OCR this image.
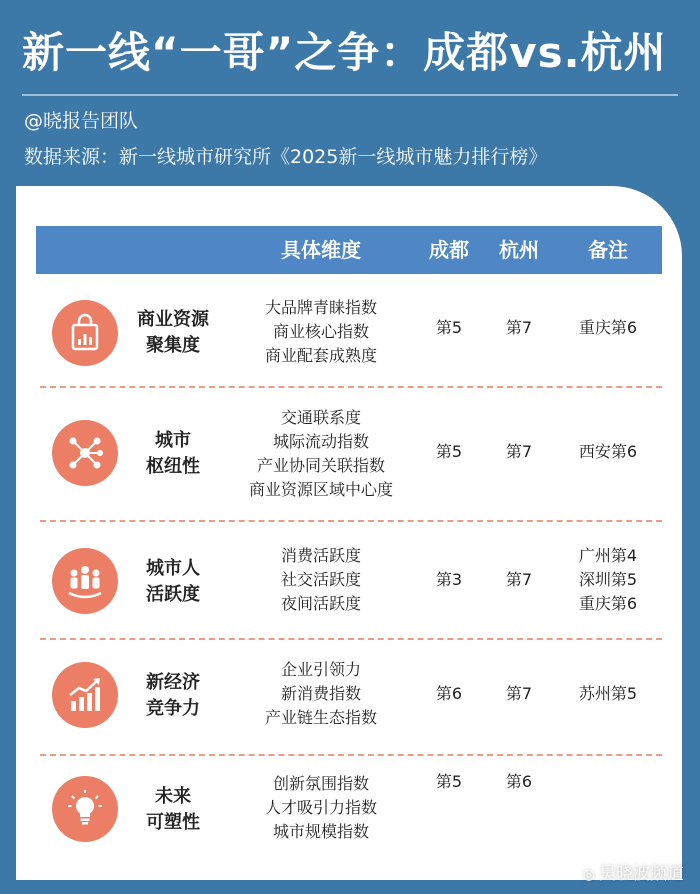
新一线“一哥”之争：成都vs.杭州
@晓报告团队
数据来源：新一线城市研究所《2025新一线城市魅力排行榜》
具体维度	成都	杭州	备注
商业资源
聚集度
大品牌青睐指数
商业核心指数
商业配套成熟度
第5	第7	重庆第6
城市
枢纽性
交通联系度
城际流动指数
产业协同关联指数
商业资源区域中心度
第5	第7	西安第6
城市人
活跃度
消费活跃度
社交活跃度
夜间活跃度
第3	第7
广州第4
深圳第5
重庆第6
新经济
竞争力
企业引领力
新消费指数
产业链生态指数
第6	第7	苏州第5
未来
可塑性
创新氛围指数
人才吸引力指数
城市规模指数
第5	第6
◎ 昊晓波频道
